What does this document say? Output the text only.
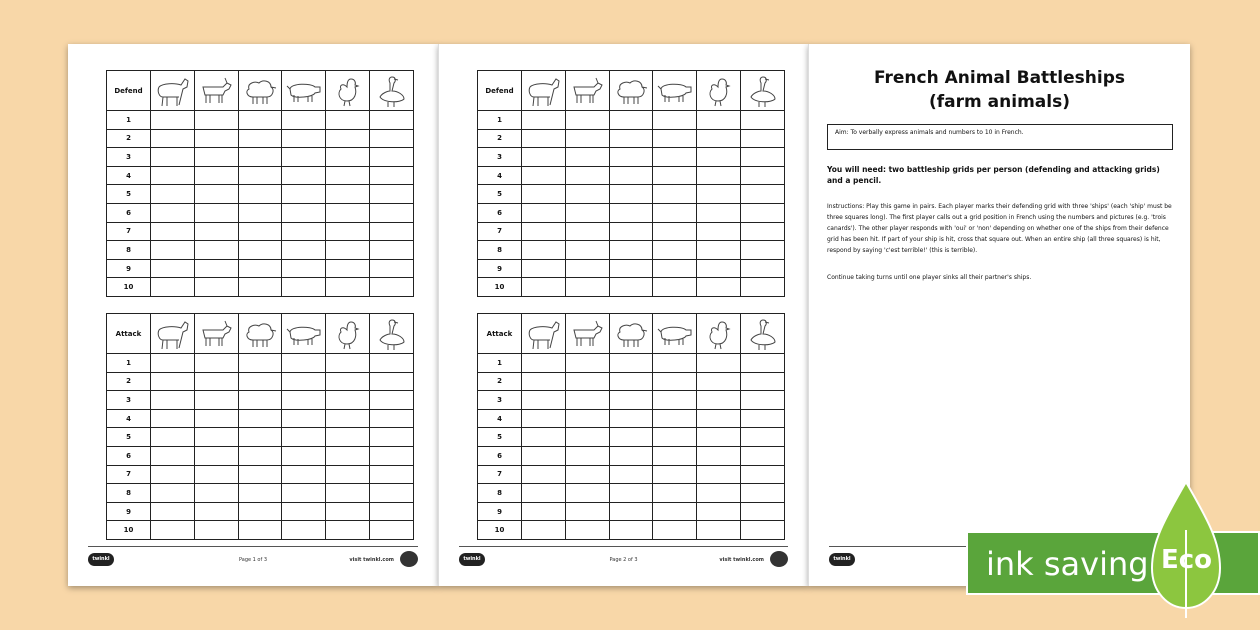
Defend	

1						
2						
3						
4						
5						
6						
7						
8						
9						
10						
Attack	

1						
2						
3						
4						
5						
6						
7						
8						
9						
10						
twinkl	Page 1 of 3	visit twinkl.com
Defend	

1						
2						
3						
4						
5						
6						
7						
8						
9						
10						
Attack	

1						
2						
3						
4						
5						
6						
7						
8						
9						
10						
twinkl	Page 2 of 3	visit twinkl.com
French Animal Battleships
(farm animals)
Aim: To verbally express animals and numbers to 10 in French.
You will need: two battleship grids per person (defending and attacking grids) and a pencil.
Instructions: Play this game in pairs. Each player marks their defending grid with three 'ships' (each 'ship' must be three squares long). The first player calls out a grid position in French using the numbers and pictures (e.g. 'trois canards'). The other player responds with 'oui' or 'non' depending on whether one of the ships from their defence grid has been hit. If part of your ship is hit, cross that square out. When an entire ship (all three squares) is hit, respond by saying 'c'est terrible!' (this is terrible).
Continue taking turns until one player sinks all their partner's ships.
twinkl	ink saving Eco
